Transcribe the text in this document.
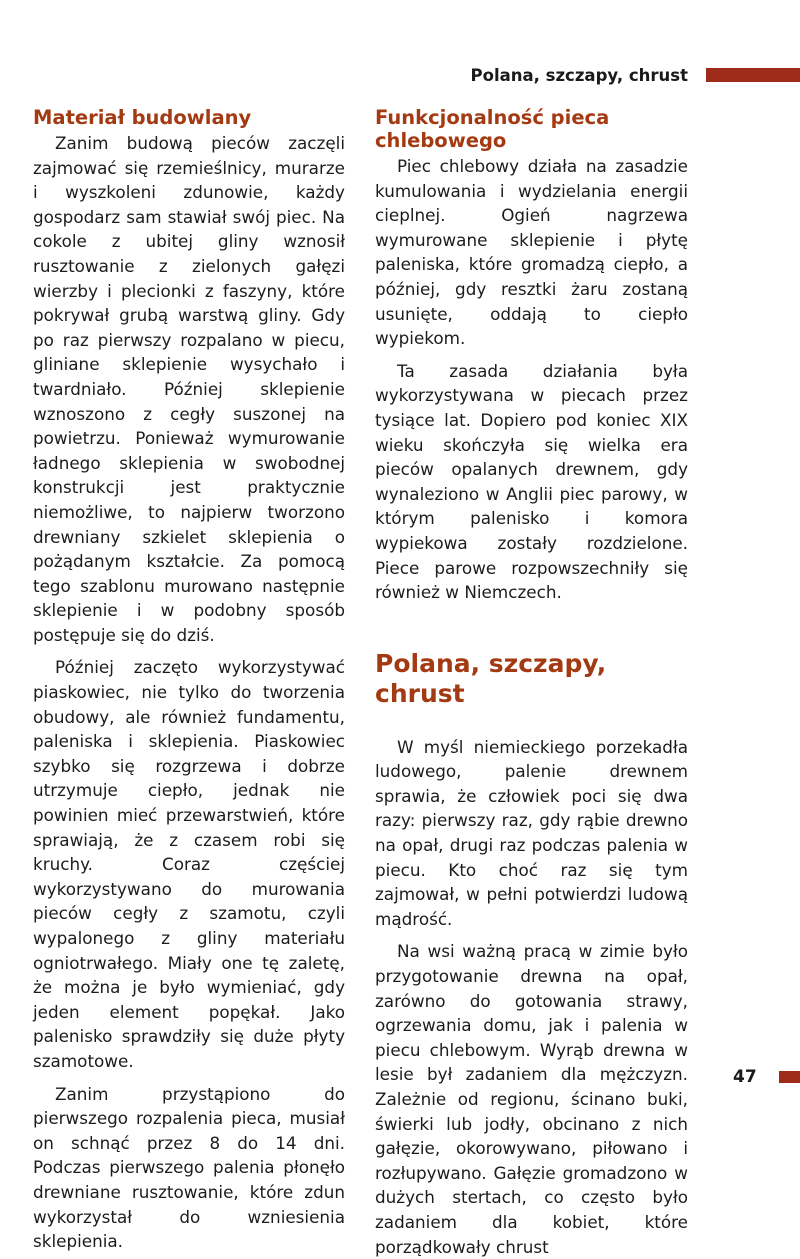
Polana, szczapy, chrust
Materiał budowlany

Zanim budową pieców zaczęli zajmować się rzemieślnicy, murarze i wyszkoleni zdunowie, każdy gospodarz sam stawiał swój piec. Na cokole z ubitej gliny wznosił rusztowanie z zielonych gałęzi wierzby i plecionki z faszyny, które pokrywał grubą warstwą gliny. Gdy po raz pierwszy rozpalano w piecu, gliniane sklepienie wysychało i twardniało. Później sklepienie wznoszono z cegły suszonej na powietrzu. Ponieważ wymurowanie ładnego sklepienia w swobodnej konstrukcji jest praktycznie niemożliwe, to najpierw tworzono drewniany szkielet sklepienia o pożądanym kształcie. Za pomocą tego szablonu murowano następnie sklepienie i w podobny sposób postępuje się do dziś.

Później zaczęto wykorzystywać piaskowiec, nie tylko do tworzenia obudowy, ale również fundamentu, paleniska i sklepienia. Piaskowiec szybko się rozgrzewa i dobrze utrzymuje ciepło, jednak nie powinien mieć przewarstwień, które sprawiają, że z czasem robi się kruchy. Coraz częściej wykorzystywano do murowania pieców cegły z szamotu, czyli wypalonego z gliny materiału ogniotrwałego. Miały one tę zaletę, że można je było wymieniać, gdy jeden element popękał. Jako palenisko sprawdziły się duże płyty szamotowe.

Zanim przystąpiono do pierwszego rozpalenia pieca, musiał on schnąć przez 8 do 14 dni. Podczas pierwszego palenia płonęło drewniane rusztowanie, które zdun wykorzystał do wzniesienia sklepienia.

Funkcjonalność pieca chlebowego

Piec chlebowy działa na zasadzie kumulowania i wydzielania energii cieplnej. Ogień nagrzewa wymurowane sklepienie i płytę paleniska, które gromadzą ciepło, a później, gdy resztki żaru zostaną usunięte, oddają to ciepło wypiekom.

Ta zasada działania była wykorzystywana w piecach przez tysiące lat. Dopiero pod koniec XIX wieku skończyła się wielka era pieców opalanych drewnem, gdy wynaleziono w Anglii piec parowy, w którym palenisko i komora wypiekowa zostały rozdzielone. Piece parowe rozpowszechniły się również w Niemczech.

Polana, szczapy, chrust

W myśl niemieckiego porzekadła ludowego, palenie drewnem sprawia, że człowiek poci się dwa razy: pierwszy raz, gdy rąbie drewno na opał, drugi raz podczas palenia w piecu. Kto choć raz się tym zajmował, w pełni potwierdzi ludową mądrość.

Na wsi ważną pracą w zimie było przygotowanie drewna na opał, zarówno do gotowania strawy, ogrzewania domu, jak i palenia w piecu chlebowym. Wyrąb drewna w lesie był zadaniem dla mężczyzn. Zależnie od regionu, ścinano buki, świerki lub jodły, obcinano z nich gałęzie, okorowywano, piłowano i rozłupywano. Gałęzie gromadzono w dużych stertach, co często było zadaniem dla kobiet, które porządkowały chrust

47
